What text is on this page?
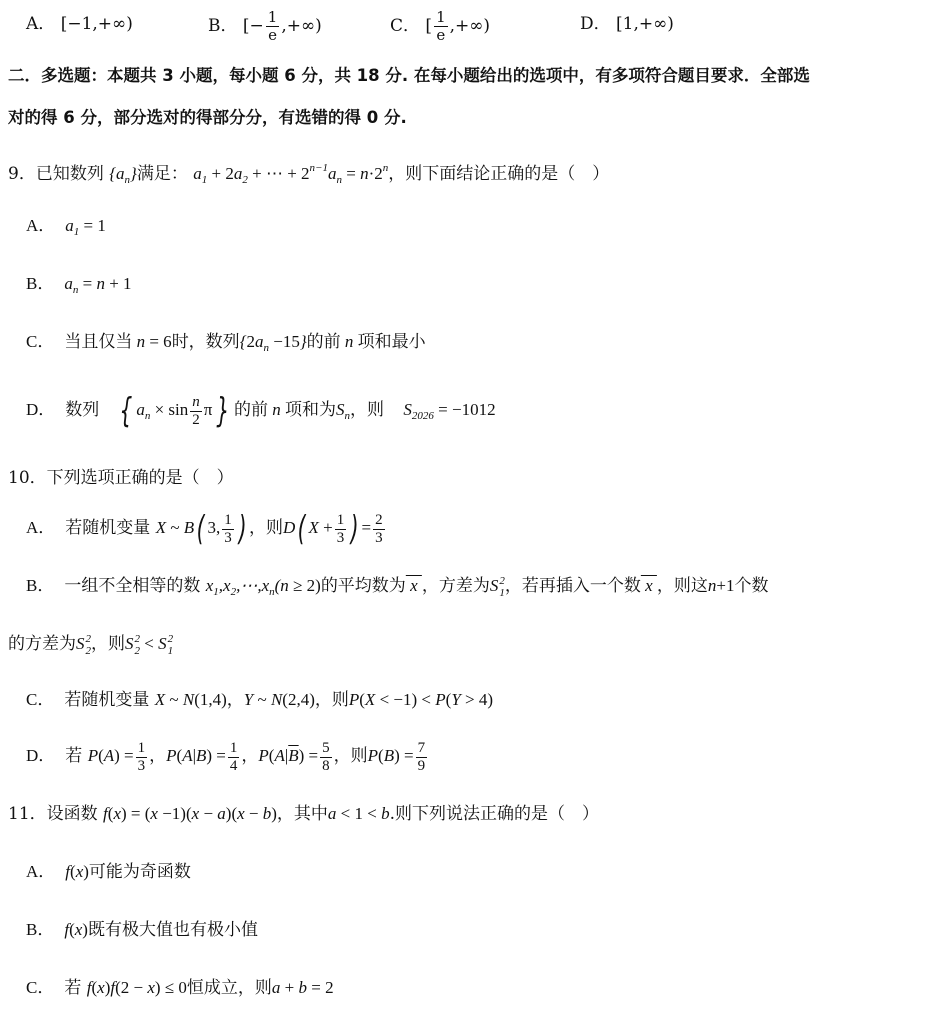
A． [−1,+∞)	B． [− $\frac{1}{e}$ ,+∞)	C． [ $\frac{1}{e}$ ,+∞)	D． [1,+∞)
二．多选题：本题共 3 小题，每小题 6 分，共 18 分. 在每小题给出的选项中，有多项符合题目要求．全部选
对的得 6 分，部分选对的得部分分，有选错的得 0 分.
9．已知数列 $\{a_n\}$满足： $a_1 + 2a_2$ + ⋯ + $2^{n-1}a_n = n\cdot 2^n$，则下面结论正确的是（　）
A． $a_1 = 1$
B． $a_n = n + 1$
C． 当且仅当 n = 6时，数列$\{2a_n -15\}$的前 n 项和最小
D． 数列 { $a_n \times \sin \frac{n}{2}$ π } 的前 n 项和为$S_n$，则 $S_{2026} = -1012$
10．下列选项正确的是（　）
A． 若随机变量 X ~ B( 3, $\frac{1}{3}$ ) ，则D( $X + \frac{1}{3}$ ) = $\frac{2}{3}$
B． 一组不全相等的数 $x_1,x_2,\cdots,x_n(n \ge 2)$的平均数为 x ，方差为S 2
1 ，若再插入一个数 x ，则这n+1个数
的方差为S 2
2 ，则S 2
2 < S 2
1
C． 若随机变量 X ~ N(1,4)，Y ~ N(2,4)，则P(X < −1) < P(Y > 4)
D． 若 $P(A) = \frac{1}{3}$ ，$P(A|B) = \frac{1}{4}$ ，$P(A|\overline{B}) = \frac{5}{8}$ ，则$P(B) = \frac{7}{9}$
11．设函数 f(x) = (x −1)(x − a)(x − b)，其中a < 1 < b.则下列说法正确的是（　）
A． f(x)可能为奇函数
B． f(x)既有极大值也有极小值
C． 若 f(x)f(2 − x) ≤ 0恒成立，则a + b = 2
